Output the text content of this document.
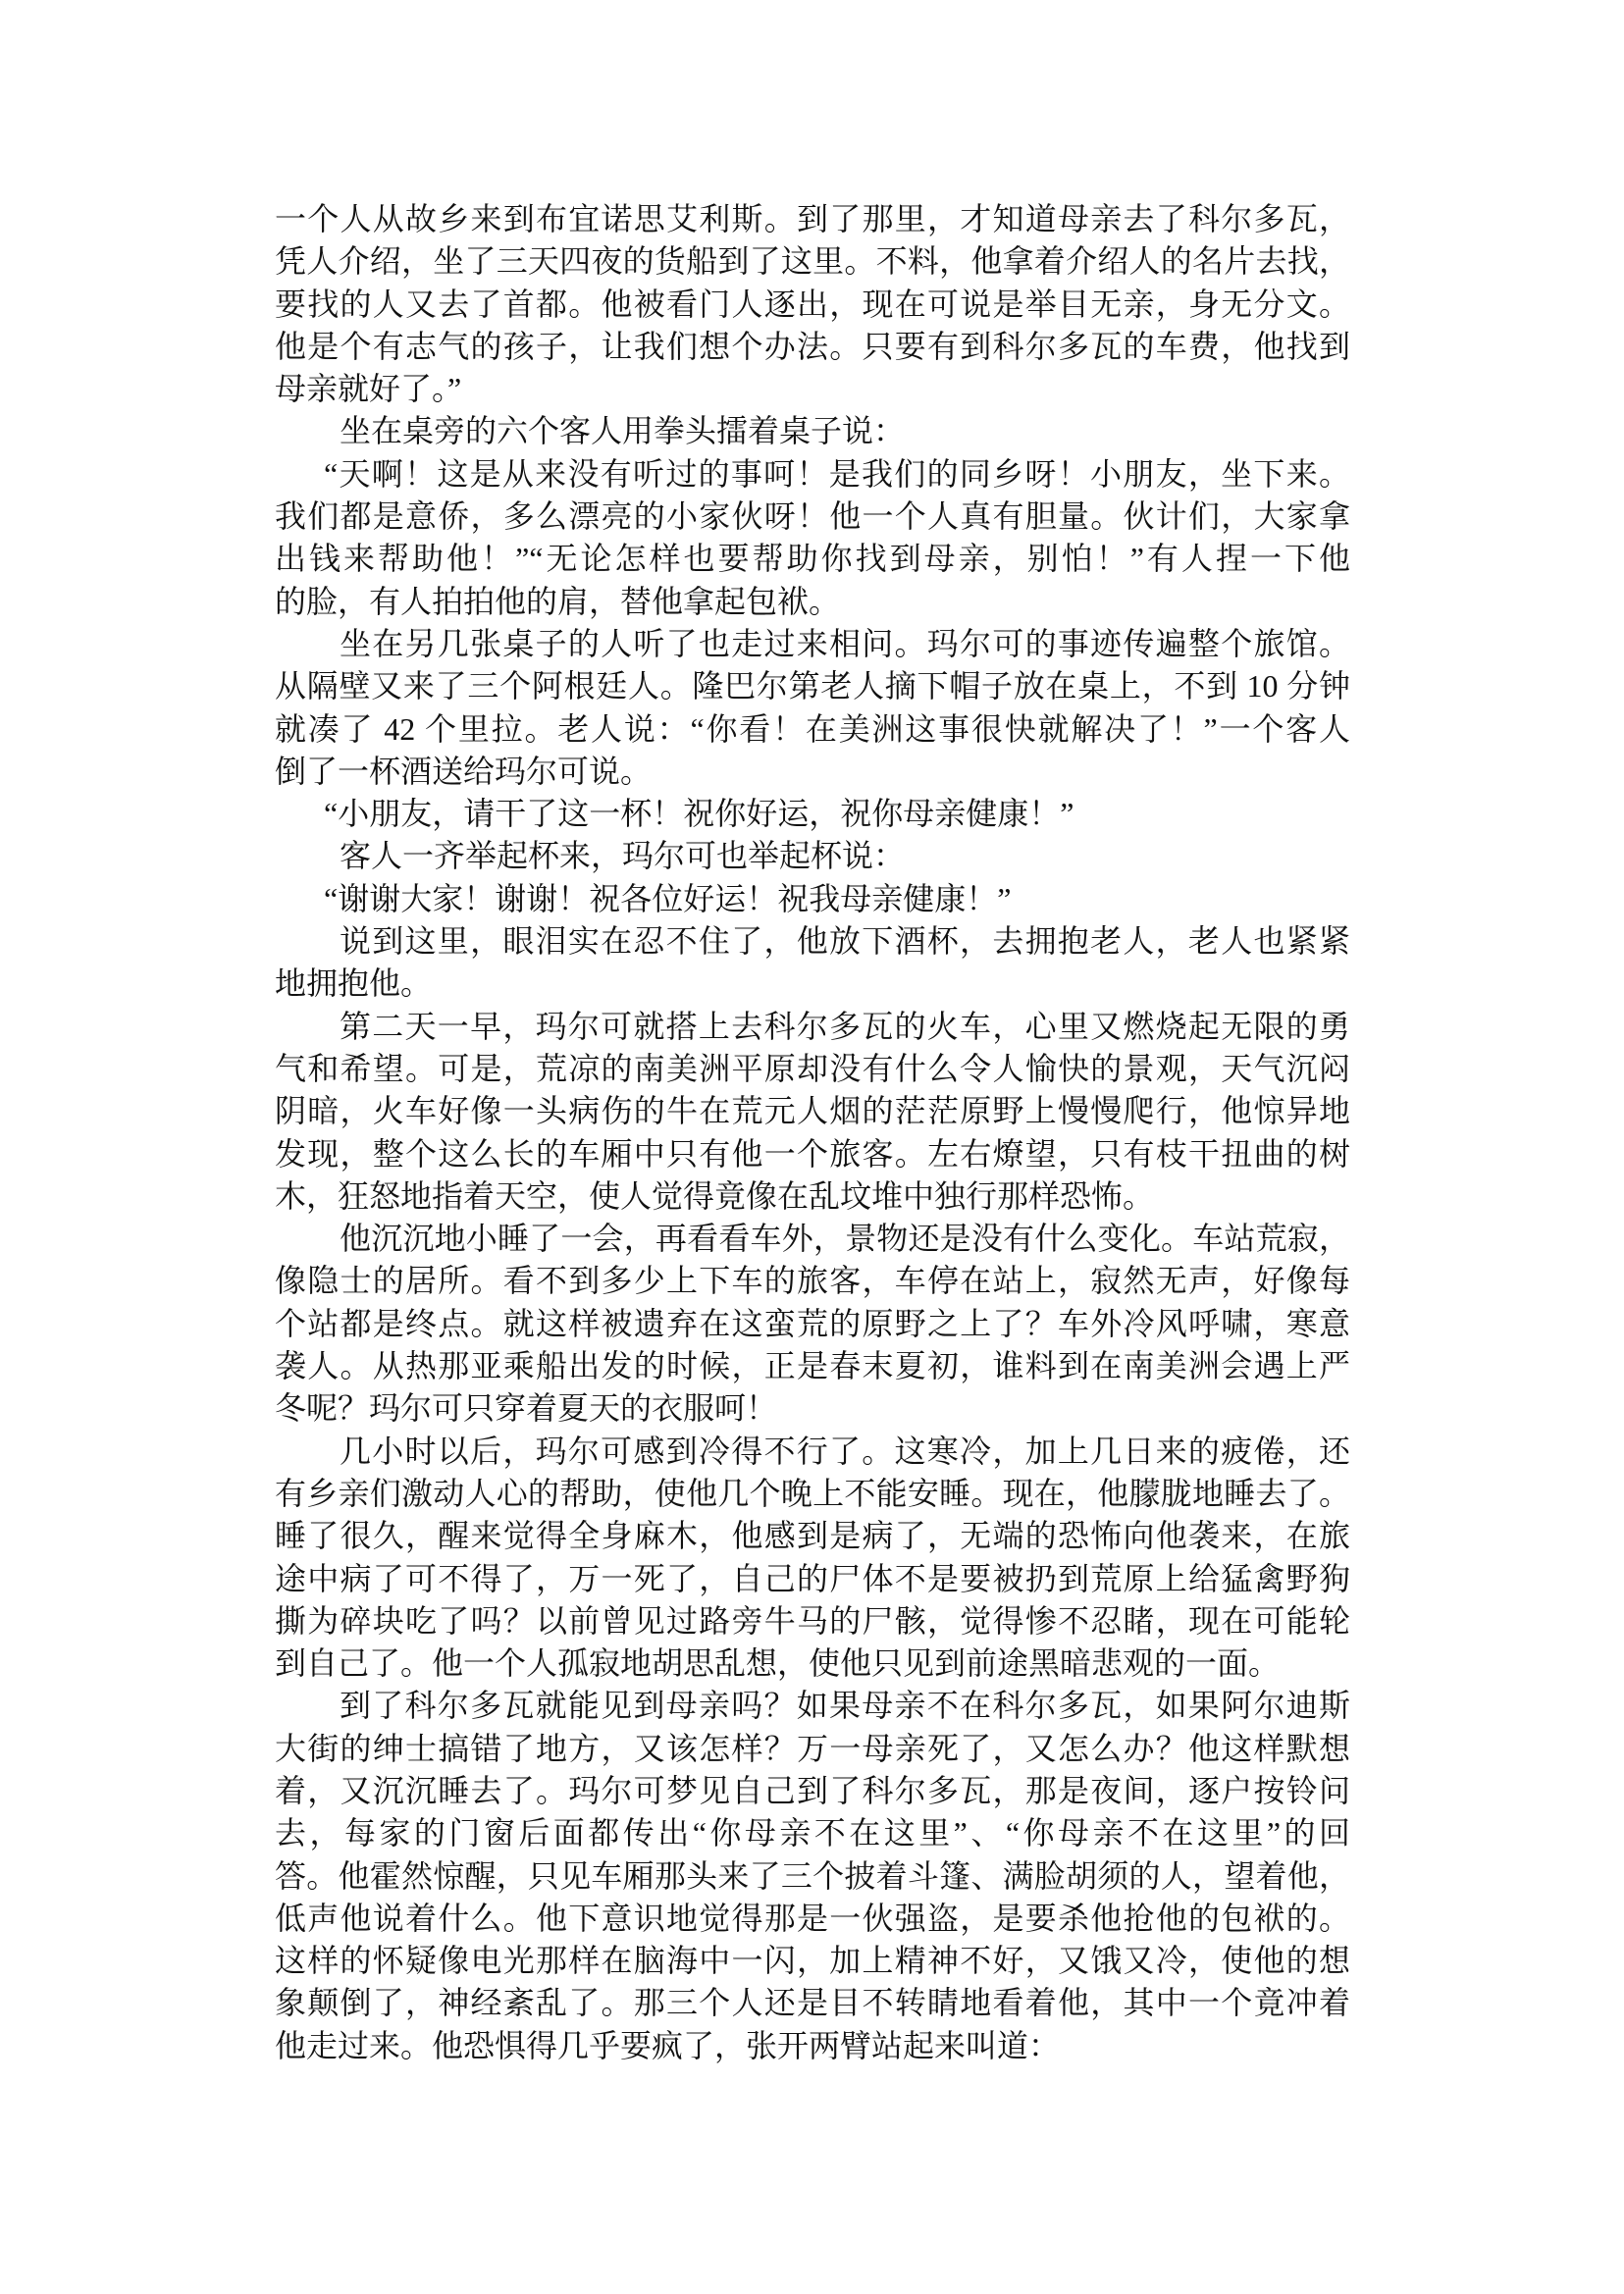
一个人从故乡来到布宜诺思艾利斯。到了那里，才知道母亲去了科尔多瓦，
凭人介绍，坐了三天四夜的货船到了这里。不料，他拿着介绍人的名片去找，
要找的人又去了首都。他被看门人逐出，现在可说是举目无亲，身无分文。
他是个有志气的孩子，让我们想个办法。只要有到科尔多瓦的车费，他找到
母亲就好了。”
坐在桌旁的六个客人用拳头擂着桌子说：
“天啊！这是从来没有听过的事呵！是我们的同乡呀！小朋友，坐下来。
我们都是意侨，多么漂亮的小家伙呀！他一个人真有胆量。伙计们，大家拿
出钱来帮助他！”“无论怎样也要帮助你找到母亲，别怕！”有人捏一下他
的脸，有人拍拍他的肩，替他拿起包袱。
坐在另几张桌子的人听了也走过来相问。玛尔可的事迹传遍整个旅馆。
从隔壁又来了三个阿根廷人。隆巴尔第老人摘下帽子放在桌上，不到 10 分钟
就凑了 42 个里拉。老人说：“你看！在美洲这事很快就解决了！”一个客人
倒了一杯酒送给玛尔可说。
“小朋友，请干了这一杯！祝你好运，祝你母亲健康！”
客人一齐举起杯来，玛尔可也举起杯说：
“谢谢大家！谢谢！祝各位好运！祝我母亲健康！”
说到这里，眼泪实在忍不住了，他放下酒杯，去拥抱老人，老人也紧紧
地拥抱他。
第二天一早，玛尔可就搭上去科尔多瓦的火车，心里又燃烧起无限的勇
气和希望。可是，荒凉的南美洲平原却没有什么令人愉快的景观，天气沉闷
阴暗，火车好像一头病伤的牛在荒元人烟的茫茫原野上慢慢爬行，他惊异地
发现，整个这么长的车厢中只有他一个旅客。左右燎望，只有枝干扭曲的树
木，狂怒地指着天空，使人觉得竟像在乱坟堆中独行那样恐怖。
他沉沉地小睡了一会，再看看车外，景物还是没有什么变化。车站荒寂，
像隐士的居所。看不到多少上下车的旅客，车停在站上，寂然无声，好像每
个站都是终点。就这样被遗弃在这蛮荒的原野之上了？车外冷风呼啸，寒意
袭人。从热那亚乘船出发的时候，正是春末夏初，谁料到在南美洲会遇上严
冬呢？玛尔可只穿着夏天的衣服呵！
几小时以后，玛尔可感到冷得不行了。这寒冷，加上几日来的疲倦，还
有乡亲们激动人心的帮助，使他几个晚上不能安睡。现在，他朦胧地睡去了。
睡了很久，醒来觉得全身麻木，他感到是病了，无端的恐怖向他袭来，在旅
途中病了可不得了，万一死了，自己的尸体不是要被扔到荒原上给猛禽野狗
撕为碎块吃了吗？以前曾见过路旁牛马的尸骸，觉得惨不忍睹，现在可能轮
到自己了。他一个人孤寂地胡思乱想，使他只见到前途黑暗悲观的一面。
到了科尔多瓦就能见到母亲吗？如果母亲不在科尔多瓦，如果阿尔迪斯
大街的绅士搞错了地方，又该怎样？万一母亲死了，又怎么办？他这样默想
着，又沉沉睡去了。玛尔可梦见自己到了科尔多瓦，那是夜间，逐户按铃问
去，每家的门窗后面都传出“你母亲不在这里”、“你母亲不在这里”的回
答。他霍然惊醒，只见车厢那头来了三个披着斗篷、满脸胡须的人，望着他，
低声他说着什么。他下意识地觉得那是一伙强盗，是要杀他抢他的包袱的。
这样的怀疑像电光那样在脑海中一闪，加上精神不好，又饿又冷，使他的想
象颠倒了，神经紊乱了。那三个人还是目不转睛地看着他，其中一个竟冲着
他走过来。他恐惧得几乎要疯了，张开两臂站起来叫道：
